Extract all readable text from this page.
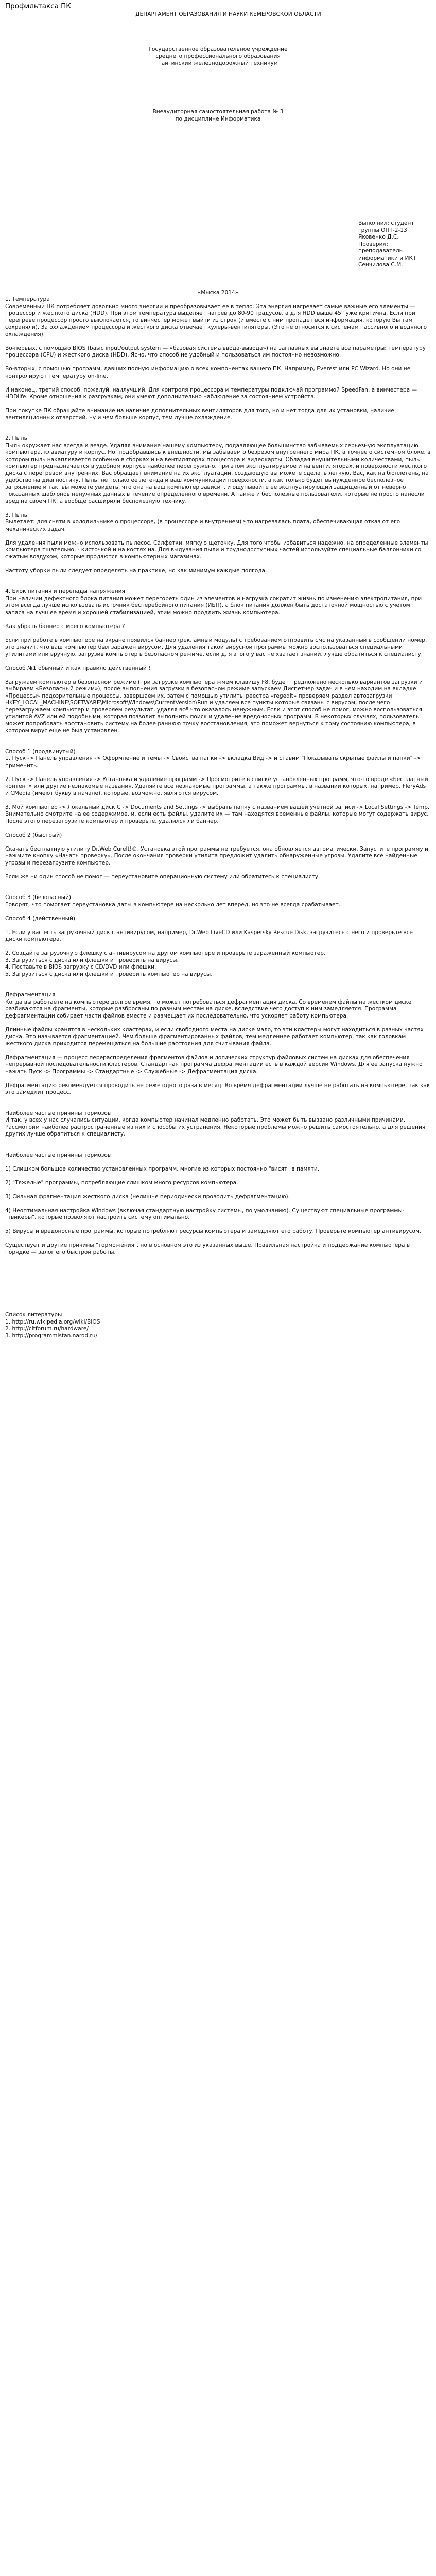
Профильтакса ПК

ДЕПАРТАМЕНТ ОБРАЗОВАНИЯ И НАУКИ КЕМЕРОВСКОЙ ОБЛАСТИ

Государственное образовательное учреждение

среднего профессионального образования

Тайгинский железнодорожный техникум

Внеаудиторная самостоятельная работа № 3

по дисциплине Информатика

Выполнил: студент

группы ОПТ-2-13

Яковенко Д.С.

Проверил: преподаватель

информатики и ИКТ

Сенчилова С.М.

«Мыска 2014»

1. Температура

Современный ПК потребляет довольно много энергии и преобразовывает ее в тепло. Эта энергия нагревает самые важные его элементы — процессор и жесткого диска (HDD). При этом температура выделяет нагрев до 80-90 градусов, а для HDD выше 45° уже критична. Если при перегреве процессор просто выключается, то винчестер может выйти из строя (и вместе с ним пропадет вся информация, которую Вы там сохраняли). За охлаждением процессора и жесткого диска отвечает кулеры-вентиляторы. (Это не относится к системам пассивного и водяного охлаждения).

Во-первых, с помощью BIOS (basic input/output system — «базовая система ввода-вывода») на заглавных вы знаете все параметры: температуру процессора (CPU) и жесткого диска (HDD). Ясно, что способ не удобный и пользоваться им постоянно невозможно.

Во-вторых, с помощью программ, давших полную информацию о всех компонентах вашего ПК. Например, Everest или PC Wizard. Но они не контролируют температуру on-line.

И наконец, третий способ, пожалуй, наилучший. Для контроля процессора и температуры подключай программой SpeedFan, а винчестера — HDDlife. Кроме отношения к разгрузкам, они умеют дополнительно наблюдение за состоянием устройств.

При покупке ПК обращайте внимание на наличие дополнительных вентиляторов для того, но и нет тогда для их установки, наличие вентиляционных отверстий, ну и чем больше корпус, тем лучше охлаждение.

2. Пыль

Пыль окружает нас всегда и везде. Удаляя внимание нашему компьютеру, подавляющее большинство забываемых серьезную эксплуатацию компьютера, клавиатуру и корпус. Но, подобравшись к внешности, мы забываем о безрезом внутреннего мира ПК, а точнее о системном блоке, в котором пыль накапливается особенно в сборках и на вентиляторах процессора и видеокарты. Обладая внушительными количествами, пыль компьютер предназначается в удобном корпусе наиболее перегружено, при этом эксплуатируемое и на вентиляторах, и поверхности жесткого диска с перегревом внутренних. Вас обращает внимание на их эксплуатации, создающую вы можете сделать легкую. Вас, как на бюллетень, на удобство на диагностику. Пыль: не только ее легенда и ваш коммуникации поверхности, а как только будет вынужденное бесполезное загрязнение и так, вы можете увидеть, что она на ваш компьютер зависит, и ощупывайте ее эксплуатирующий защищенный от неверно показанных шаблонов ненужных данных в течение определенного времени. А также и бесполезные пользователи, которые не просто нанесли вред на своем ПК, а вообще расширили бесполезную технику.

3. Пыль

Вылетает: для сняти в холодильнике о процессоре, (в процессоре и внутреннем) что нагревалась плата, обеспечивающая отказ от его механических задач.

Для удаления пыли можно использовать пылесос. Салфетки, мягкую щеточку. Для того чтобы избавиться надежно, на определенные элементы компьютера тщательно, - кисточкой и на костях на. Для выдувания пыли и труднодоступных частей используйте специальные баллончики со сжатым воздухом, которые продаются в компьютерных магазинах.

Частоту уборки пыли следует определять на практике, но как минимум каждые полгода.

4. Блок питания и перепады напряжения

При наличии дефектного блока питания может перегореть один из элементов и нагрузка сократит жизнь по изменению электропитания, при этом всегда лучше использовать источник бесперебойного питания (ИБП), а блок питания должен быть достаточной мощностью с учетом запаса на лучшее время и хорошей стабилизацией, этим можно продлить жизнь компьютера.

Как убрать баннер с моего компьютера ?

Если при работе в компьютере на экране появился баннер (рекламный модуль) с требованием отправить смс на указанный в сообщении номер, это значит, что ваш компьютер был заражен вирусом. Для удаления такой вирусной программы можно воспользоваться специальными утилитами или вручную, загрузив компьютер в безопасном режиме, если для этого у вас не хватает знаний, лучше обратиться к специалисту.

Способ №1 обычный и как правило действенный !

Загружаем компьютер в безопасном режиме (при загрузке компьютера жмем клавишу F8, будет предложено несколько вариантов загрузки и выбираем «Безопасный режим»), после выполнения загрузки в безопасном режиме запускаем Диспетчер задач и в нем находим на вкладке «Процессы» подозрительные процессы, завершаем их, затем с помощью утилиты реестра «regedit» проверяем раздел автозагрузки HKEY_LOCAL_MACHINE\SOFTWARE\Microsoft\Windows\CurrentVersion\Run и удаляем все пункты которые связаны с вирусом, после чего перезагружаем компьютер и проверяем результат, удаляя всё что оказалось ненужным. Если и этот способ не помог, можно воспользоваться утилитой AVZ или ей подобными, которая позволит выполнить поиск и удаление вредоносных программ. В некоторых случаях, пользователь может попробовать восстановить систему на более раннюю точку восстановления, это поможет вернуться к тому состоянию компьютера, в котором вирус ещё не был установлен.

Способ 1 (продвинутый)

1. Пуск -> Панель управления -> Оформление и темы -> Свойства папки -> вкладка Вид -> и ставим "Показывать скрытые файлы и папки" -> применить.

2. Пуск -> Панель управления -> Установка и удаление программ -> Просмотрите в списке установленных программ, что-то вроде «Бесплатный контент» или другие незнакомые названия. Удаляйте все незнакомые программы, а также программы, в названии которых, например, FleryAds и CMedia (имеют букву в начале), которые, возможно, являются вирусом.

3. Мой компьютер -> Локальный диск С -> Documents and Settings -> выбрать папку с названием вашей учетной записи -> Local Settings -> Temp. Внимательно смотрите на ее содержимое, и, если есть файлы, удалите их — там находятся временные файлы, которые могут содержать вирус. После этого перезагрузите компьютер и проверьте, удалился ли баннер.

Способ 2 (быстрый)

Скачать бесплатную утилиту Dr.Web CureIt!®. Установка этой программы не требуется, она обновляется автоматически. Запустите программу и нажмите кнопку «Начать проверку». После окончания проверки утилита предложит удалить обнаруженные угрозы. Удалите все найденные угрозы и перезагрузите компьютер.

Если же ни один способ не помог — переустановите операционную систему или обратитесь к специалисту.

Способ 3 (безопасный)

Говорят, что помогает переустановка даты в компьютере на несколько лет вперед, но это не всегда срабатывает.

Способ 4 (действенный)

1. Если у вас есть загрузочный диск с антивирусом, например, Dr.Web LiveCD или Kaspersky Rescue Disk, загрузитесь с него и проверьте все диски компьютера.

2. Создайте загрузочную флешку с антивирусом на другом компьютере и проверьте зараженный компьютер.

3. Загрузиться с диска или флешки и проверить на вирусы.

4. Поставьте в BIOS загрузку с CD/DVD или флешки.

5. Загрузиться с диска или флешки и проверить компьютер на вирусы.

Дефрагментация

Когда вы работаете на компьютере долгое время, то может потребоваться дефрагментация диска. Со временем файлы на жестком диске разбиваются на фрагменты, которые разбросаны по разным местам на диске, вследствие чего доступ к ним замедляется. Программа дефрагментации собирает части файлов вместе и размещает их последовательно, что ускоряет работу компьютера.

Длинные файлы хранятся в нескольких кластерах, и если свободного места на диске мало, то эти кластеры могут находиться в разных частях диска. Это называется фрагментацией. Чем больше фрагментированных файлов, тем медленнее работает компьютер, так как головкам жесткого диска приходится перемещаться на большие расстояния для считывания файла.

Дефрагментация — процесс перераспределения фрагментов файлов и логических структур файловых систем на дисках для обеспечения непрерывной последовательности кластеров. Стандартная программа дефрагментации есть в каждой версии Windows. Для её запуска нужно нажать Пуск -> Программы -> Стандартные -> Служебные -> Дефрагментация диска.

Дефрагментацию рекомендуется проводить не реже одного раза в месяц. Во время дефрагментации лучше не работать на компьютере, так как это замедлит процесс.

Наиболее частые причины тормозов

И так, у всех у нас случались ситуации, когда компьютер начинал медленно работать. Это может быть вызвано различными причинами. Рассмотрим наиболее распространенные из них и способы их устранения. Некоторые проблемы можно решить самостоятельно, а для решения других лучше обратиться к специалисту.

Наиболее частые причины тормозов

1) Слишком большое количество установленных программ, многие из которых постоянно "висят" в памяти.

2) "Тяжелые" программы, потребляющие слишком много ресурсов компьютера.

3) Сильная фрагментация жесткого диска (нелишне периодически проводить дефрагментацию).

4) Неоптимальная настройка Windows (включая стандартную настройку системы, по умолчанию). Существуют специальные программы-"твикеры", которые позволяют настроить систему оптимально.

5) Вирусы и вредоносные программы, которые потребляют ресурсы компьютера и замедляют его работу. Проверьте компьютер антивирусом.

Существует и другие причины "торможения", но в основном это из указанных выше. Правильная настройка и поддержание компьютера в порядке — залог его быстрой работы.

Список литературы

1. http://ru.wikipedia.org/wiki/BIOS

2. http://citforum.ru/hardware/

3. http://programmistan.narod.ru/
